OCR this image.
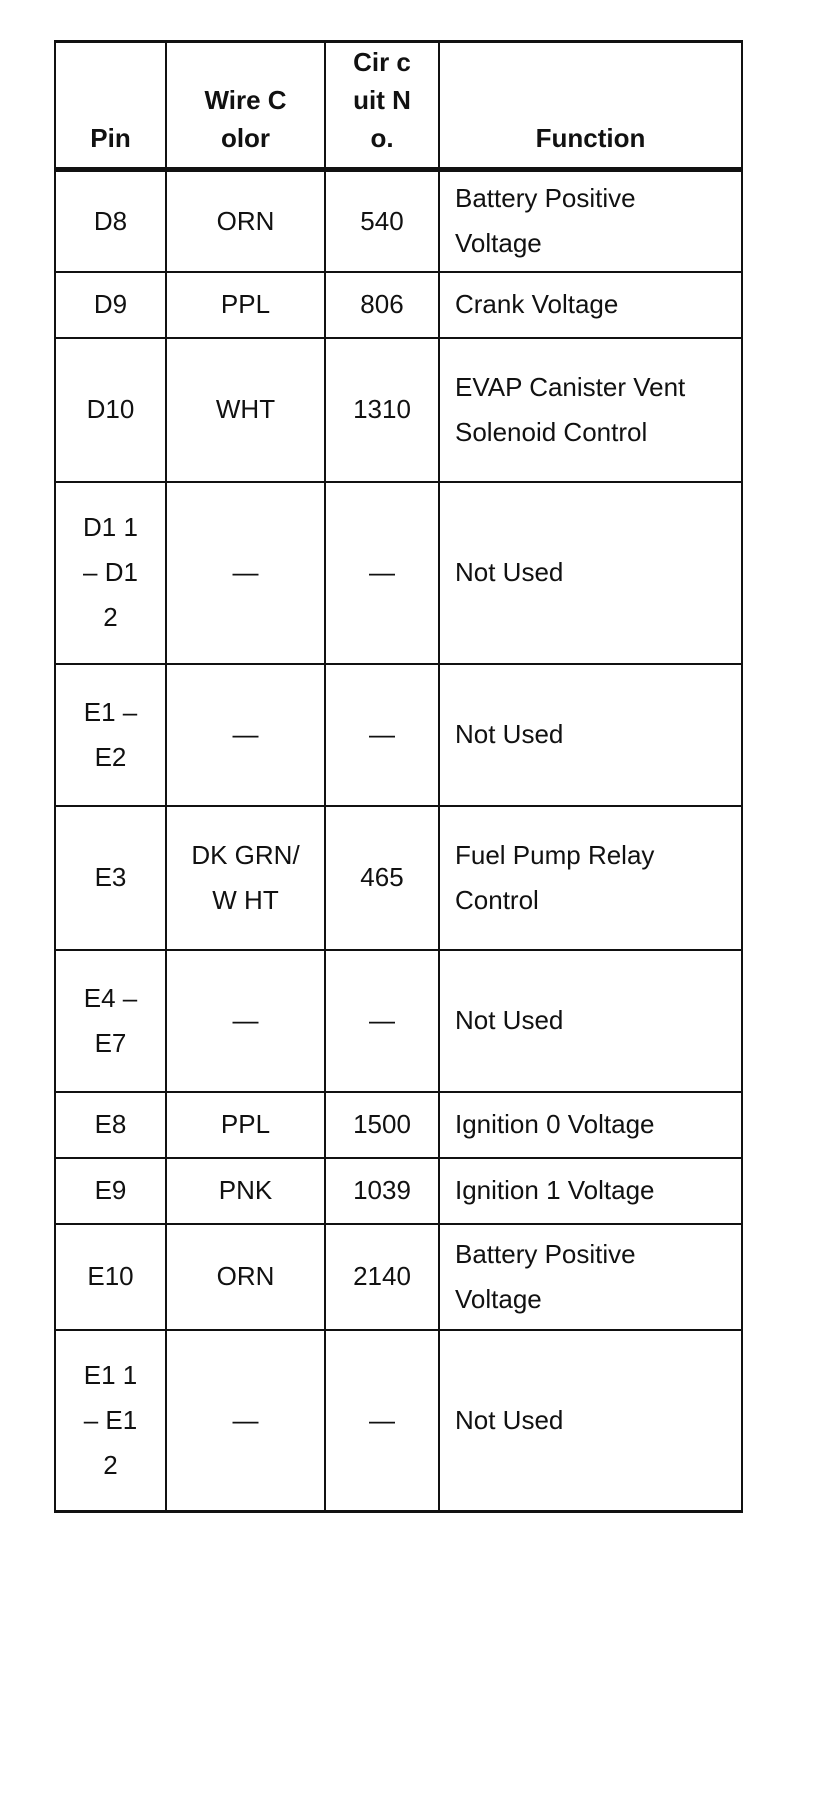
Pin	Wire Color	Cir cuit No.	Function
D8	ORN	540	Battery Positive Voltage
D9	PPL	806	Crank Voltage
D10	WHT	1310	EVAP Canister Vent Solenoid Control
D1 1– D12	—	—	Not Used
E1 –E2	—	—	Not Used
E3	DK GRN/W HT	465	Fuel Pump Relay Control
E4 –E7	—	—	Not Used
E8	PPL	1500	Ignition 0 Voltage
E9	PNK	1039	Ignition 1 Voltage
E10	ORN	2140	Battery Positive Voltage
E1 1– E12	—	—	Not Used
